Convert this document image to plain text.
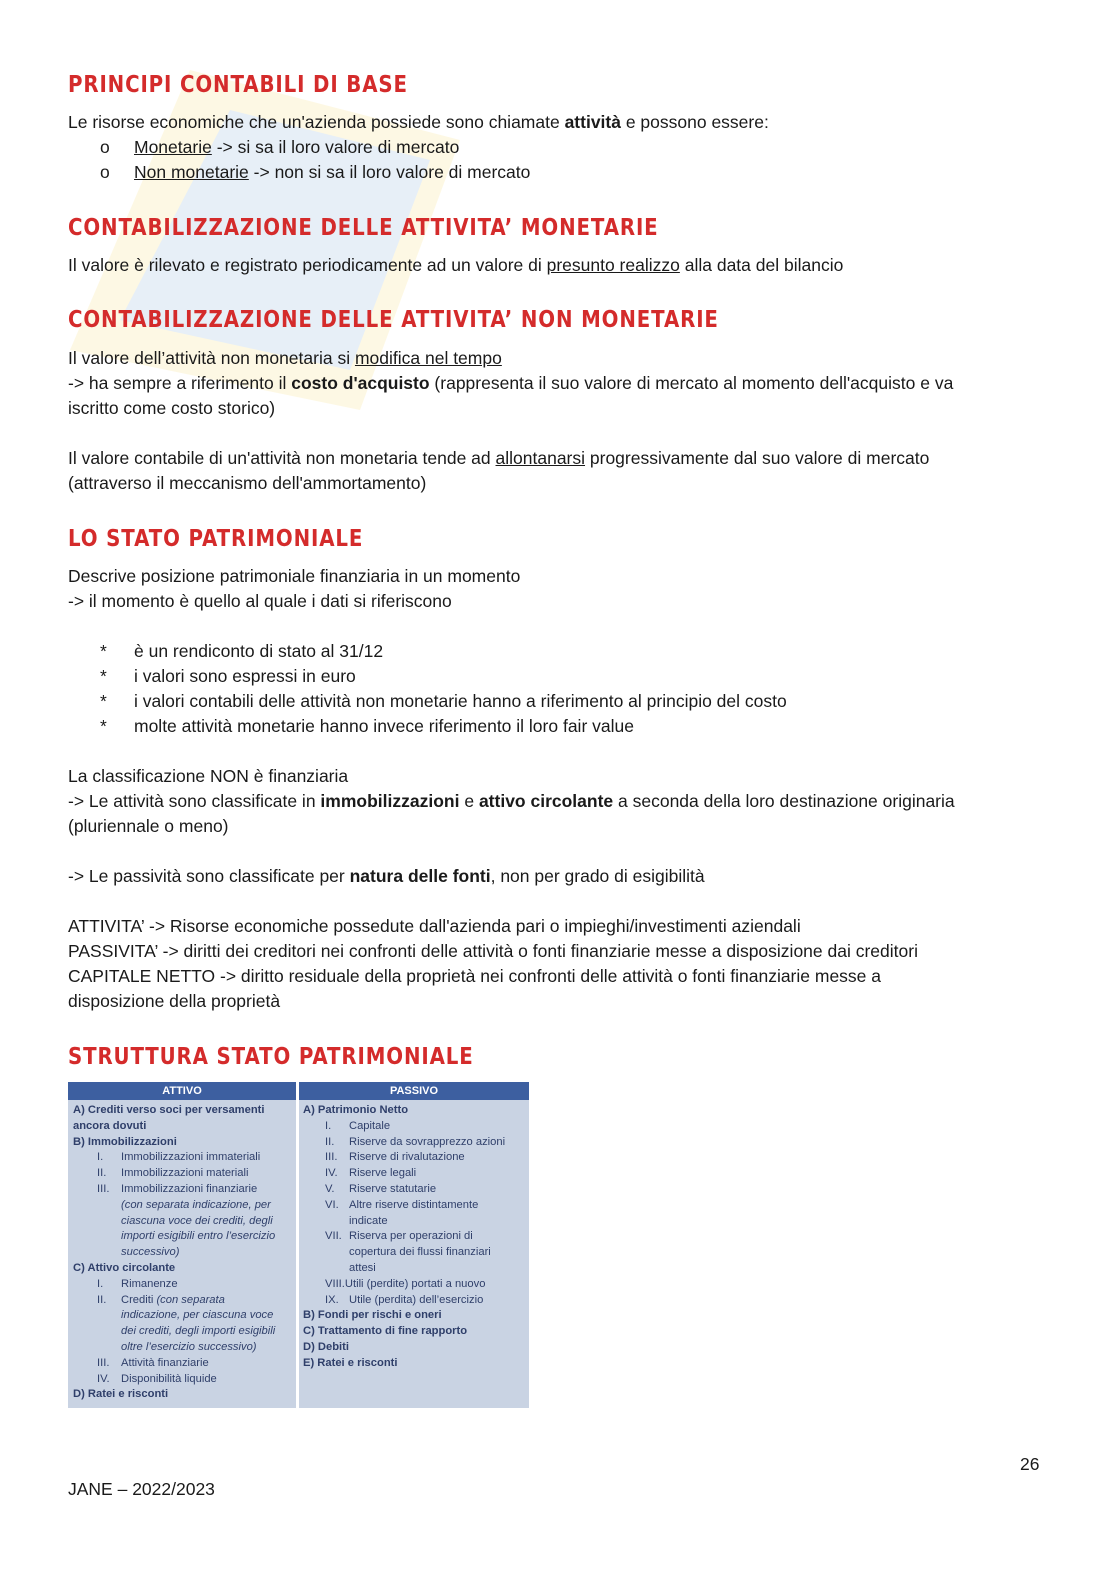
PRINCIPI CONTABILI DI BASE
Le risorse economiche che un'azienda possiede sono chiamate attività e possono essere:
o Monetarie -> si sa il loro valore di mercato
o Non monetarie -> non si sa il loro valore di mercato
CONTABILIZZAZIONE DELLE ATTIVITA’ MONETARIE
Il valore è rilevato e registrato periodicamente ad un valore di presunto realizzo alla data del bilancio
CONTABILIZZAZIONE DELLE ATTIVITA’ NON MONETARIE
Il valore dell’attività non monetaria si modifica nel tempo
-> ha sempre a riferimento il costo d'acquisto (rappresenta il suo valore di mercato al momento dell'acquisto e va
iscritto come costo storico)
Il valore contabile di un'attività non monetaria tende ad allontanarsi progressivamente dal suo valore di mercato
(attraverso il meccanismo dell'ammortamento)
LO STATO PATRIMONIALE
Descrive posizione patrimoniale finanziaria in un momento
-> il momento è quello al quale i dati si riferiscono
* è un rendiconto di stato al 31/12
* i valori sono espressi in euro
* i valori contabili delle attività non monetarie hanno a riferimento al principio del costo
* molte attività monetarie hanno invece riferimento il loro fair value
La classificazione NON è finanziaria
-> Le attività sono classificate in immobilizzazioni e attivo circolante a seconda della loro destinazione originaria
(pluriennale o meno)
-> Le passività sono classificate per natura delle fonti, non per grado di esigibilità
ATTIVITA’ -> Risorse economiche possedute dall'azienda pari o impieghi/investimenti aziendali
PASSIVITA’ -> diritti dei creditori nei confronti delle attività o fonti finanziarie messe a disposizione dai creditori
CAPITALE NETTO -> diritto residuale della proprietà nei confronti delle attività o fonti finanziarie messe a
disposizione della proprietà
STRUTTURA STATO PATRIMONIALE
ATTIVO	PASSIVO
A) Crediti verso soci per versamenti
ancora dovuti
B) Immobilizzazioni
I. Immobilizzazioni immateriali
II. Immobilizzazioni materiali
III. Immobilizzazioni finanziarie
(con separata indicazione, per
ciascuna voce dei crediti, degli
importi esigibili entro l’esercizio
successivo)
C) Attivo circolante
I. Rimanenze
II. Crediti (con separata
indicazione, per ciascuna voce
dei crediti, degli importi esigibili
oltre l’esercizio successivo)
III. Attività finanziarie
IV. Disponibilità liquide
D) Ratei e risconti
A) Patrimonio Netto
I. Capitale
II. Riserve da sovrapprezzo azioni
III. Riserve di rivalutazione
IV. Riserve legali
V. Riserve statutarie
VI. Altre riserve distintamente
indicate
VII. Riserva per operazioni di
copertura dei flussi finanziari
attesi
VIII.Utili (perdite) portati a nuovo
IX. Utile (perdita) dell’esercizio
B) Fondi per rischi e oneri
C) Trattamento di fine rapporto
D) Debiti
E) Ratei e risconti
26
JANE – 2022/2023
